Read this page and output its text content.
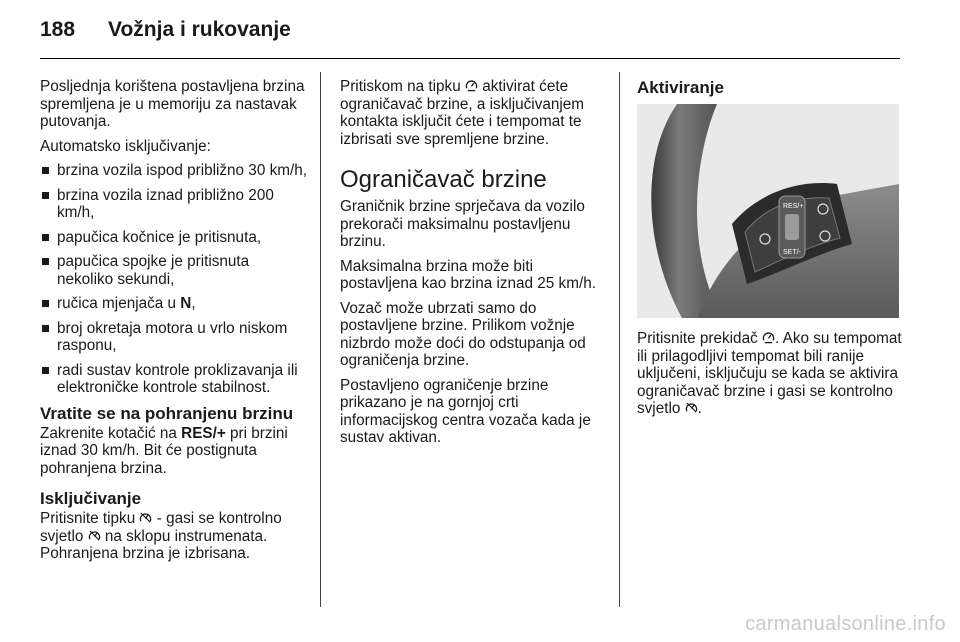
188	Vožnja i rukovanje

Posljednja korištena postavljena brzina spremljena je u memoriju za nastavak putovanja.

Automatsko isključivanje:

brzina vozila ispod približno 30 km/h,
brzina vozila iznad približno 200 km/h,
papučica kočnice je pritisnuta,
papučica spojke je pritisnuta nekoliko sekundi,
ručica mjenjača u N,
broj okretaja motora u vrlo niskom rasponu,
radi sustav kontrole proklizavanja ili elektroničke kontrole stabilnost.
Vratite se na pohranjenu brzinu

Zakrenite kotačić na RES/+ pri brzini iznad 30 km/h. Bit će postignuta pohranjena brzina.

Isključivanje

Pritisnite tipku - gasi se kontrolno svjetlo na sklopu instrumenata. Pohranjena brzina je izbrisana.

Pritiskom na tipku aktivirat ćete ograničavač brzine, a isključivanjem kontakta isključit ćete i tempomat te izbrisati sve spremljene brzine.

Ograničavač brzine

Graničnik brzine sprječava da vozilo prekorači maksimalnu postavljenu brzinu.

Maksimalna brzina može biti postavljena kao brzina iznad 25 km/h.

Vozač može ubrzati samo do postavljene brzine. Prilikom vožnje nizbrdo može doći do odstupanja od ograničenja brzine.

Postavljeno ograničenje brzine prikazano je na gornjoj crti informacijskog centra vozača kada je sustav aktivan.

Aktiviranje
RES/+
SET/-

Pritisnite prekidač . Ako su tempomat ili prilagodljivi tempomat bili ranije uključeni, isključuju se kada se aktivira ograničavač brzine i gasi se kontrolno svjetlo .

carmanualsonline.info
